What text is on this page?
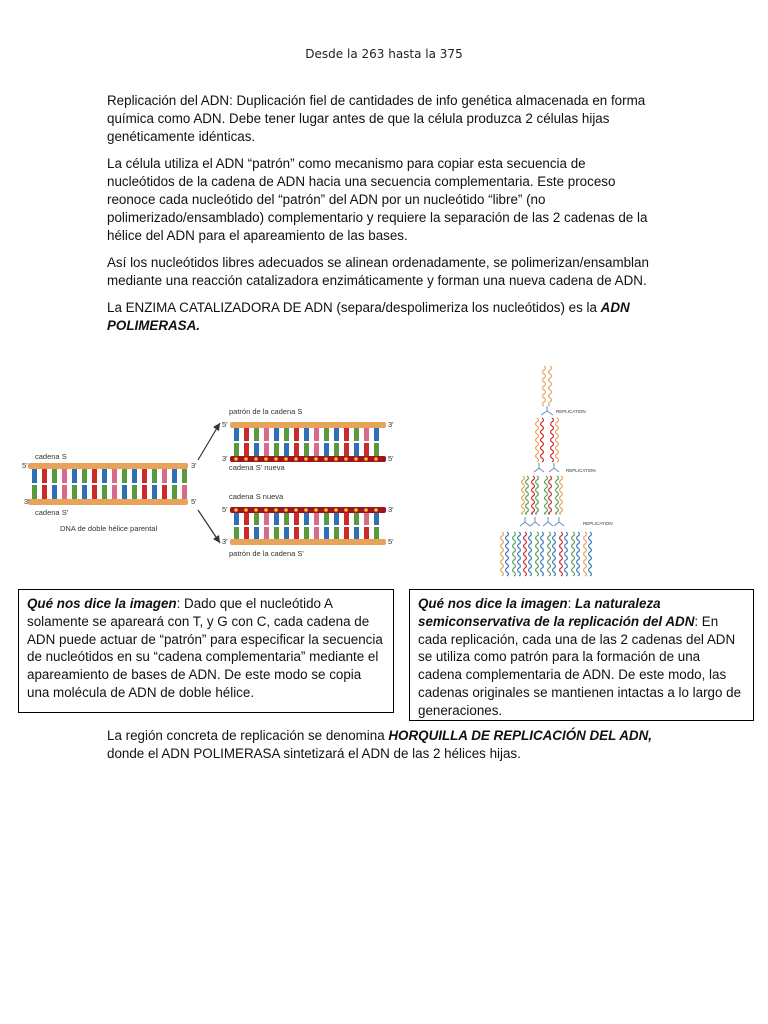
Desde la 263 hasta la 375

Replicación del ADN: Duplicación fiel de cantidades de info genética almacenada en forma química como ADN. Debe tener lugar antes de que la célula produzca 2 células hijas genéticamente idénticas.

La célula utiliza el ADN “patrón” como mecanismo para copiar esta secuencia de nucleótidos de la cadena de ADN hacia una secuencia complementaria. Este proceso reonoce cada nucleótido del “patrón” del ADN por un nucleótido “libre” (no polimerizado/ensamblado) complementario y requiere la separación de las 2 cadenas de la hélice del ADN para el apareamiento de las bases.

Así los nucleótidos libres adecuados se alinean ordenadamente, se polimerizan/ensamblan mediante una reacción catalizadora enzimáticamente y forman una nueva cadena de ADN.

La ENZIMA CATALIZADORA DE ADN (separa/despolimeriza los nucleótidos) es la ADN POLIMERASA.

cadena S
5'	3'
3'	5'
cadena S'
DNA de doble hélice parental
patrón de la cadena S
5'	3'
3'	5'
cadena S' nueva
cadena S nueva
5'	3'
3'	5'
patrón de la cadena S'
REPLICATION
REPLICATION
REPLICATION
Qué nos dice la imagen: Dado que el nucleótido A solamente se apareará con T, y G con C, cada cadena de ADN puede actuar de “patrón” para especificar la secuencia de nucleótidos en su “cadena complementaria” mediante el apareamiento de bases de ADN. De este modo se copia una molécula de ADN de doble hélice.
Qué nos dice la imagen: La naturaleza semiconservativa de la replicación del ADN: En cada replicación, cada una de las 2 cadenas del ADN se utiliza como patrón para la formación de una cadena complementaria de ADN. De este modo, las cadenas originales se mantienen intactas a lo largo de generaciones.
La región concreta de replicación se denomina HORQUILLA DE REPLICACIÓN DEL ADN, donde el ADN POLIMERASA sintetizará el ADN de las 2 hélices hijas.
